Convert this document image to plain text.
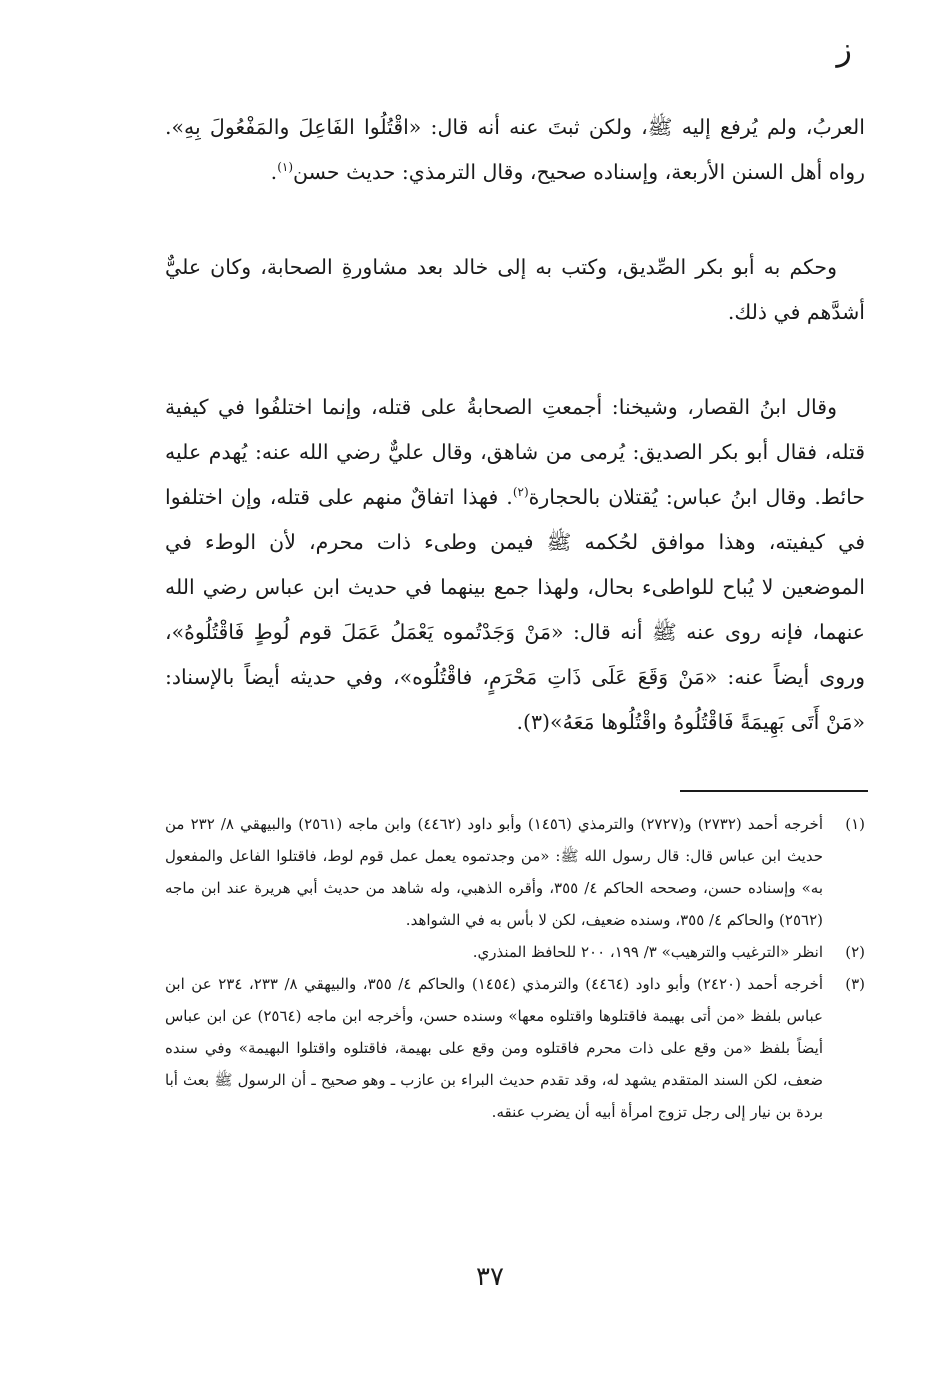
ز

العربُ، ولم يُرفع إليه ﷺ، ولكن ثبتَ عنه أنه قال: «اقْتُلُوا الفَاعِلَ والمَفْعُولَ بِهِ». رواه أهل السنن الأربعة، وإسناده صحيح، وقال الترمذي: حديث حسن$^{(١)}$.

وحكم به أبو بكر الصِّديق، وكتب به إلى خالد بعد مشاورةِ الصحابة، وكان عليٌّ أشدَّهم في ذلك.

وقال ابنُ القصار، وشيخنا: أجمعتِ الصحابةُ على قتله، وإنما اختلفُوا في كيفية قتله، فقال أبو بكر الصديق: يُرمى من شاهق، وقال عليٌّ رضي الله عنه: يُهدم عليه حائط. وقال ابنُ عباس: يُقتلان بالحجارة$^{(٢)}$. فهذا اتفاقٌ منهم على قتله، وإن اختلفوا في كيفيته، وهذا موافق لحُكمه ﷺ فيمن وطىء ذات محرم، لأن الوطء في الموضعين لا يُباح للواطىء بحال، ولهذا جمع بينهما في حديث ابن عباس رضي الله عنهما، فإنه روى عنه ﷺ أنه قال: «مَنْ وَجَدْتُموه يَعْمَلُ عَمَلَ قوم لُوطٍ فَاقْتُلُوهُ»، وروى أيضاً عنه: «مَنْ وَقَعَ عَلَى ذَاتِ مَحْرَمٍ، فاقْتُلُوه»، وفي حديثه أيضاً بالإسناد: «مَنْ أَتَى بَهِيمَةً فَاقْتُلُوهُ واقْتُلُوها مَعَهُ»(٣).

(١)
أخرجه أحمد (٢٧٣٢) و(٢٧٢٧) والترمذي (١٤٥٦) وأبو داود (٤٤٦٢) وابن ماجه (٢٥٦١) والبيهقي ٨/ ٢٣٢ من حديث ابن عباس قال: قال رسول الله ﷺ: «من وجدتموه يعمل عمل قوم لوط، فاقتلوا الفاعل والمفعول به» وإسناده حسن، وصححه الحاكم ٤/ ٣٥٥، وأقره الذهبي، وله شاهد من حديث أبي هريرة عند ابن ماجه (٢٥٦٢) والحاكم ٤/ ٣٥٥، وسنده ضعيف، لكن لا بأس به في الشواهد.
(٢)
انظر «الترغيب والترهيب» ٣/ ١٩٩، ٢٠٠ للحافظ المنذري.
(٣)
أخرجه أحمد (٢٤٢٠) وأبو داود (٤٤٦٤) والترمذي (١٤٥٤) والحاكم ٤/ ٣٥٥، والبيهقي ٨/ ٢٣٣، ٢٣٤ عن ابن عباس بلفظ «من أتى بهيمة فاقتلوها واقتلوه معها» وسنده حسن، وأخرجه ابن ماجه (٢٥٦٤) عن ابن عباس أيضاً بلفظ «من وقع على ذات محرم فاقتلوه ومن وقع على بهيمة، فاقتلوه واقتلوا البهيمة» وفي سنده ضعف، لكن السند المتقدم يشهد له، وقد تقدم حديث البراء بن عازب ـ وهو صحيح ـ أن الرسول ﷺ بعث أبا بردة بن نيار إلى رجل تزوج امرأة أبيه أن يضرب عنقه.
٣٧
